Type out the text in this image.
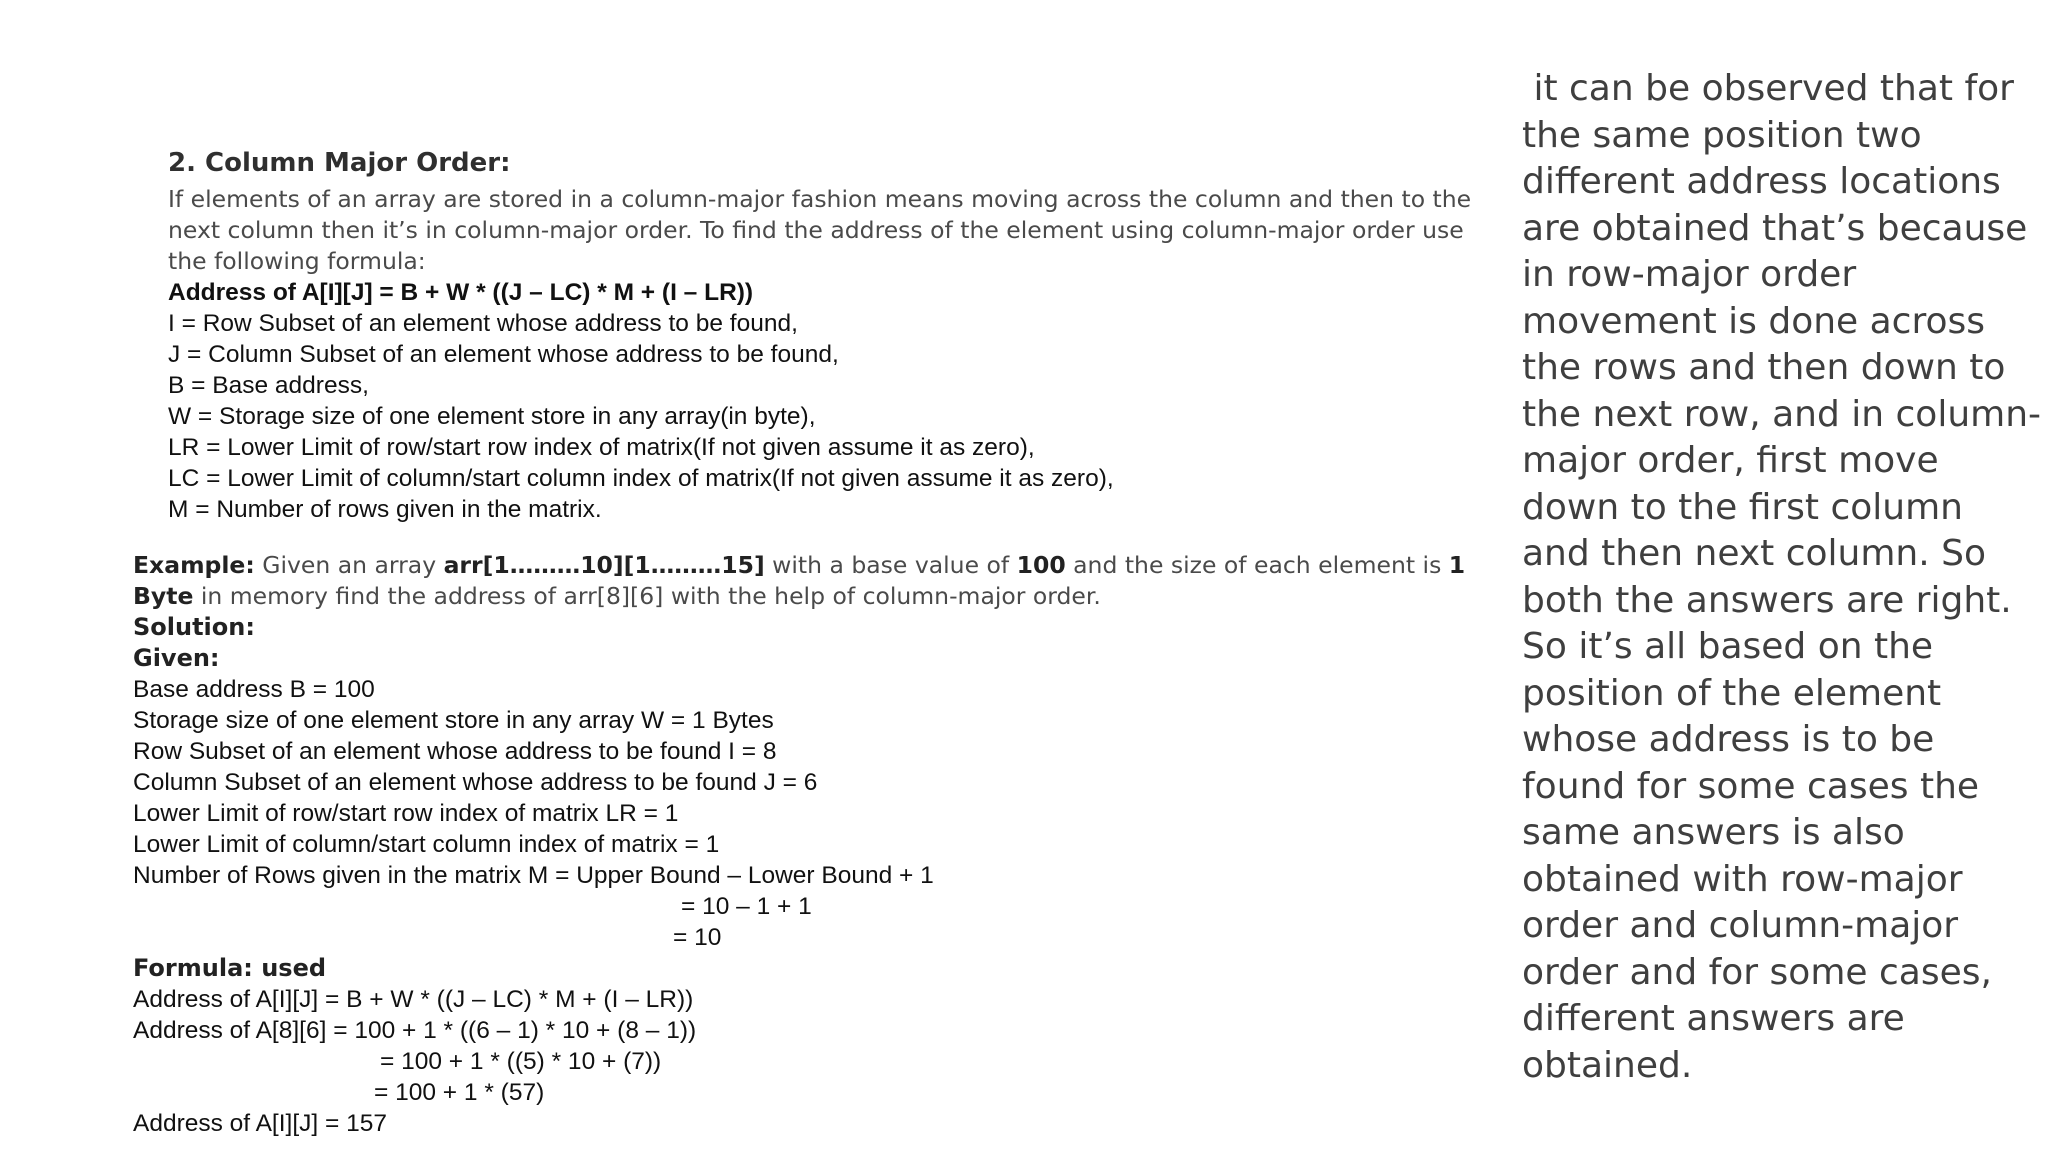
2. Column Major Order:

If elements of an array are stored in a column-major fashion means moving across the column and then to the next column then it’s in column-major order. To find the address of the element using column-major order use the following formula:

Address of A[I][J] = B + W * ((J – LC) * M + (I – LR))

I = Row Subset of an element whose address to be found,

J = Column Subset of an element whose address to be found,

B = Base address,

W = Storage size of one element store in any array(in byte),

LR = Lower Limit of row/start row index of matrix(If not given assume it as zero),

LC = Lower Limit of column/start column index of matrix(If not given assume it as zero),

M = Number of rows given in the matrix.

Example: Given an array arr[1………10][1………15] with a base value of 100 and the size of each element is 1 Byte in memory find the address of arr[8][6] with the help of column-major order.

Solution:

Given:

Base address B = 100

Storage size of one element store in any array W = 1 Bytes

Row Subset of an element whose address to be found I = 8

Column Subset of an element whose address to be found J = 6

Lower Limit of row/start row index of matrix LR = 1

Lower Limit of column/start column index of matrix = 1

Number of Rows given in the matrix M = Upper Bound – Lower Bound + 1

= 10 – 1 + 1

= 10

Formula: used

Address of A[I][J] = B + W * ((J – LC) * M + (I – LR))

Address of A[8][6] = 100 + 1 * ((6 – 1) * 10 + (8 – 1))

= 100 + 1 * ((5) * 10 + (7))

= 100 + 1 * (57)

Address of A[I][J] = 157

it can be observed that for the same position two different address locations are obtained that’s because in row-major order movement is done across the rows and then down to the next row, and in column-major order, first move down to the first column and then next column. So both the answers are right.

So it’s all based on the position of the element whose address is to be found for some cases the same answers is also obtained with row-major order and column-major order and for some cases, different answers are obtained.
